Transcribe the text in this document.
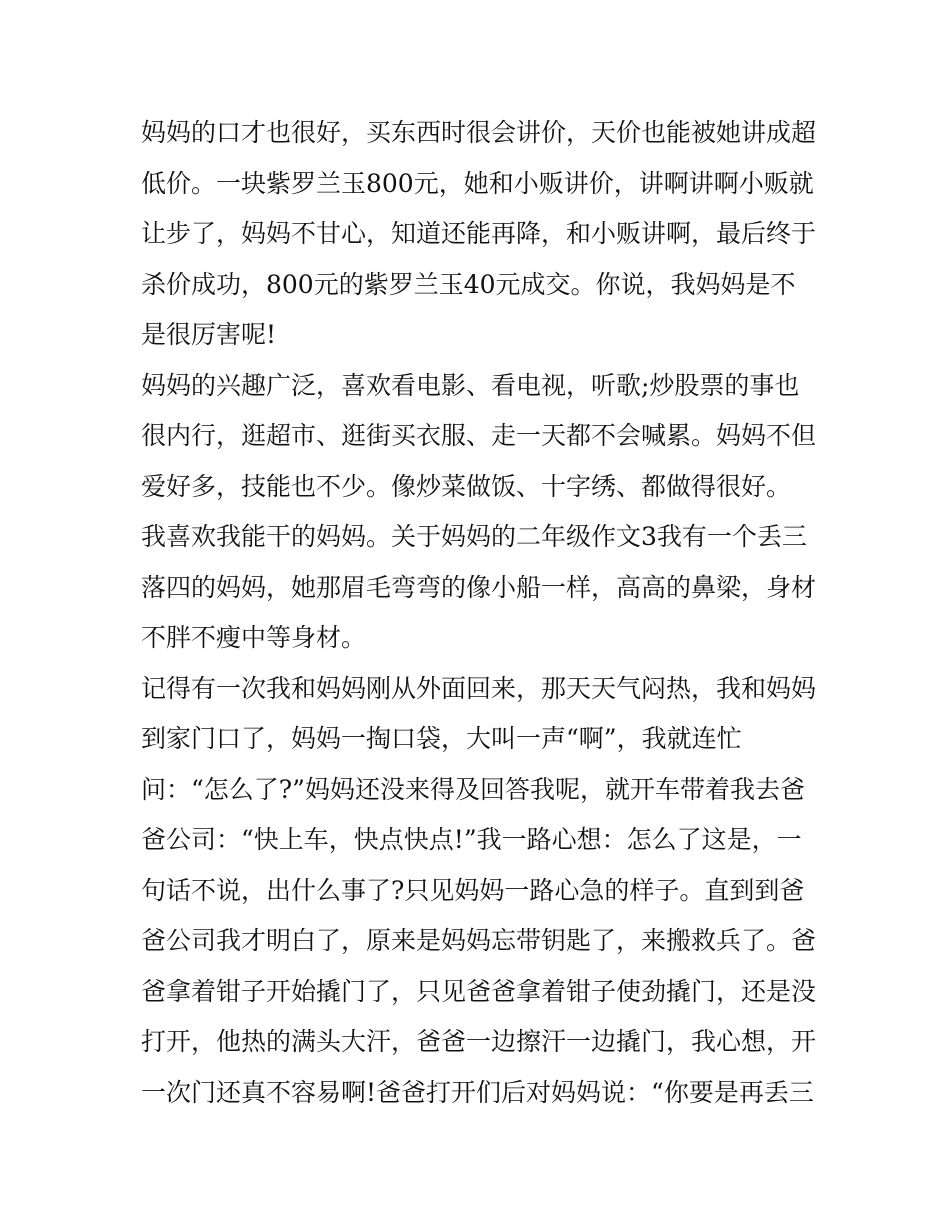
妈妈的口才也很好，买东西时很会讲价，天价也能被她讲成超
低价。一块紫罗兰玉800元，她和小贩讲价，讲啊讲啊小贩就
让步了，妈妈不甘心，知道还能再降，和小贩讲啊，最后终于
杀价成功，800元的紫罗兰玉40元成交。你说，我妈妈是不
是很厉害呢!
妈妈的兴趣广泛，喜欢看电影、看电视，听歌;炒股票的事也
很内行，逛超市、逛街买衣服、走一天都不会喊累。妈妈不但
爱好多，技能也不少。像炒菜做饭、十字绣、都做得很好。
我喜欢我能干的妈妈。关于妈妈的二年级作文3我有一个丢三
落四的妈妈，她那眉毛弯弯的像小船一样，高高的鼻梁，身材
不胖不瘦中等身材。
记得有一次我和妈妈刚从外面回来，那天天气闷热，我和妈妈
到家门口了，妈妈一掏口袋，大叫一声“啊”，我就连忙
问：“怎么了?”妈妈还没来得及回答我呢，就开车带着我去爸
爸公司：“快上车，快点快点!”我一路心想：怎么了这是，一
句话不说，出什么事了?只见妈妈一路心急的样子。直到到爸
爸公司我才明白了，原来是妈妈忘带钥匙了，来搬救兵了。爸
爸拿着钳子开始撬门了，只见爸爸拿着钳子使劲撬门，还是没
打开，他热的满头大汗，爸爸一边擦汗一边撬门，我心想，开
一次门还真不容易啊!爸爸打开们后对妈妈说：“你要是再丢三
